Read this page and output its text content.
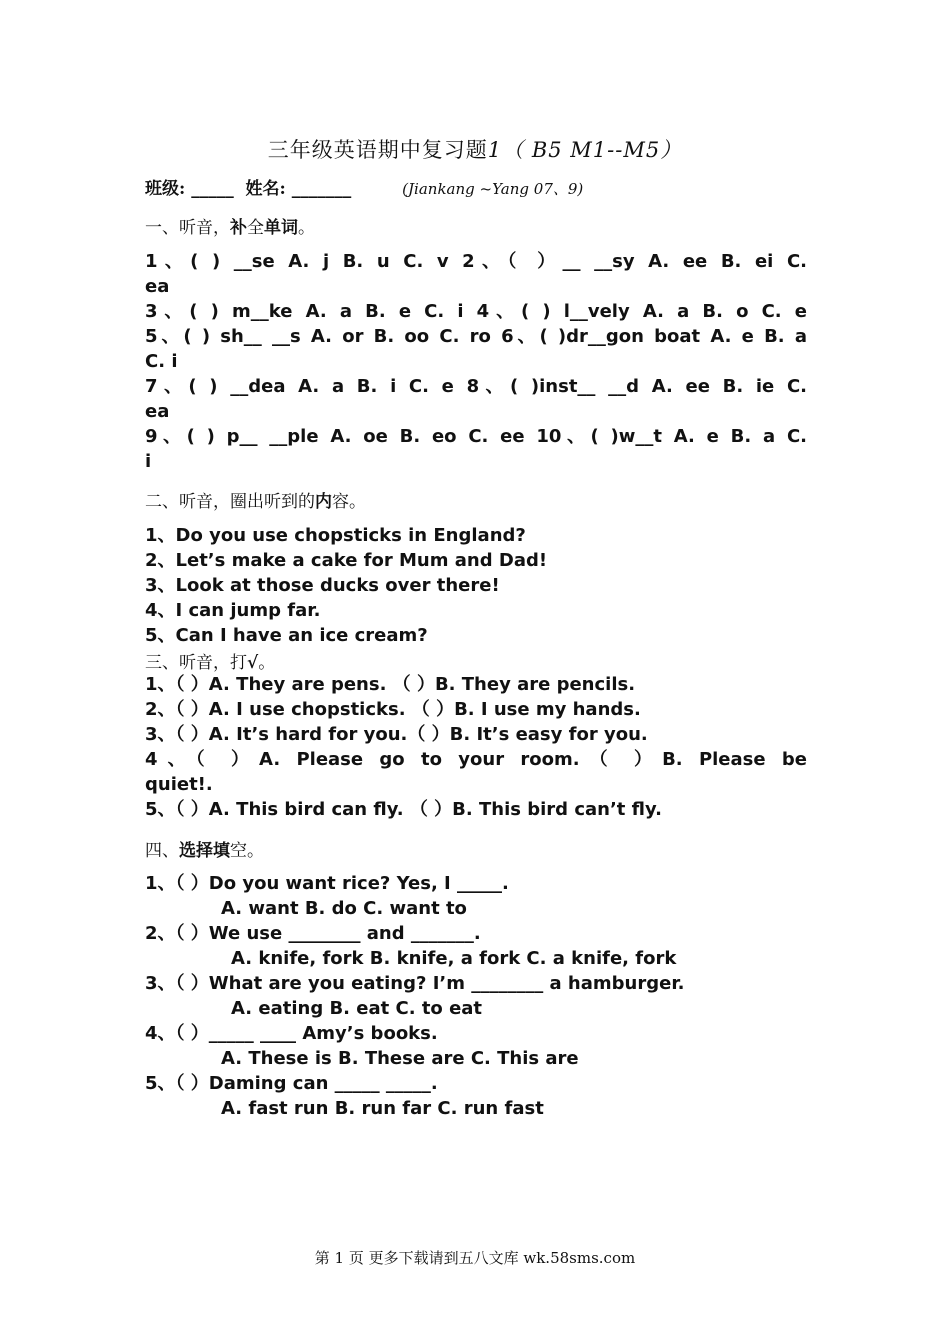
三年级英语期中复习题1（ B5 M1--M5）
班级: _____ 姓名: _______	(Jiankang ~Yang 07、9)
一、听音，补全单词。
1、( ) __se A. j B. u C. v 2、（ ）__ __sy A. ee B. ei C.
ea
3、( ) m__ke A. a B. e C. i 4、( ) l__vely A. a B. o C. e
5、( ) sh__ __s A. or B. oo C. ro 6、( )dr__gon boat A. e B. a
C. i
7、( ) __dea A. a B. i C. e 8、( )inst__ __d A. ee B. ie C.
ea
9、( ) p__ __ple A. oe B. eo C. ee 10、( )w__t A. e B. a C.
i
二、听音，圈出听到的内容。
1、Do you use chopsticks in England?
2、Let’s make a cake for Mum and Dad!
3、Look at those ducks over there!
4、I can jump far.
5、Can I have an ice cream?
三、听音，打√。
1、（ ）A. They are pens. （ ）B. They are pencils.
2、（ ）A. I use chopsticks. （ ）B. I use my hands.
3、（ ）A. It’s hard for you.（ ）B. It’s easy for you.
4、（ ）A. Please go to your room.（ ）B. Please be
quiet!.
5、（ ）A. This bird can fly. （ ）B. This bird can’t fly.
四、选择填空。
1、（ ）Do you want rice? Yes, I _____.
A. want B. do C. want to
2、（ ）We use ________ and _______.
A. knife, fork B. knife, a fork C. a knife, fork
3、（ ）What are you eating? I’m ________ a hamburger.
A. eating B. eat C. to eat
4、（ ）_____ ____ Amy’s books.
A. These is B. These are C. This are
5、（ ）Daming can _____ _____.
A. fast run B. run far C. run fast
第 1 页 更多下载请到五八文库 wk.58sms.com
